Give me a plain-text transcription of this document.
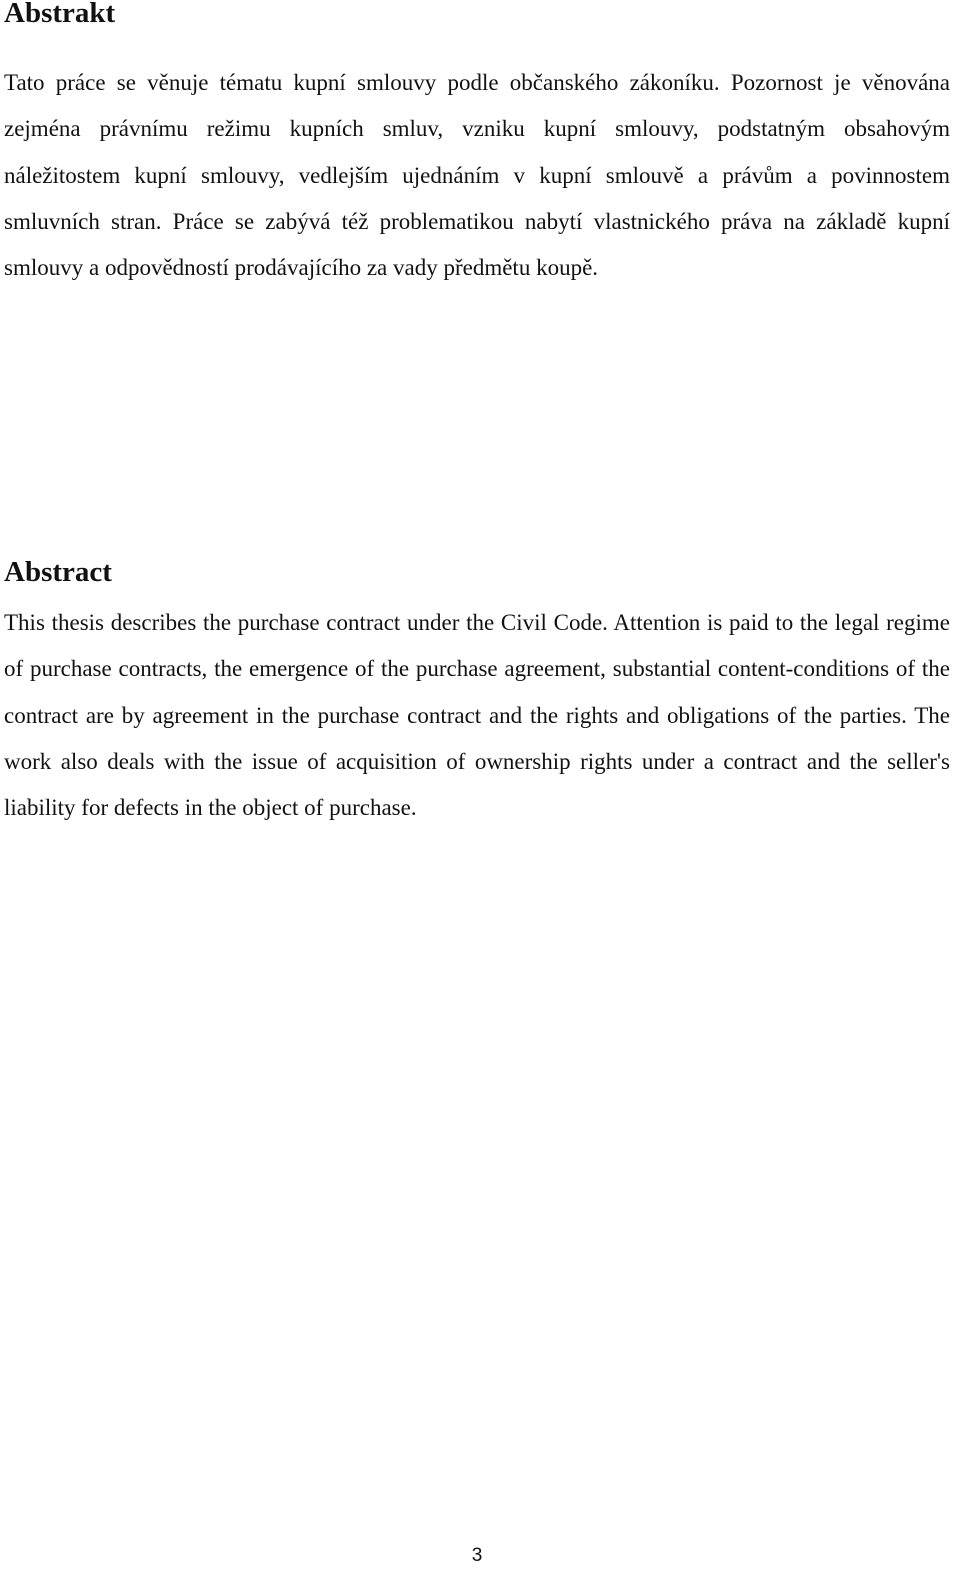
Abstrakt

Tato práce se věnuje tématu kupní smlouvy podle občanského zákoníku. Pozornost je věnována zejména právnímu režimu kupních smluv, vzniku kupní smlouvy, podstatným obsahovým náležitostem kupní smlouvy, vedlejším ujednáním v kupní smlouvě a právům a povinnostem smluvních stran. Práce se zabývá též problematikou nabytí vlastnického práva na základě kupní smlouvy a odpovědností prodávajícího za vady předmětu koupě.

Abstract

This thesis describes the purchase contract under the Civil Code. Attention is paid to the legal regime of purchase contracts, the emergence of the purchase agreement, substantial content-conditions of the contract are by agreement in the purchase contract and the rights and obligations of the parties. The work also deals with the issue of acquisition of ownership rights under a contract and the seller's liability for defects in the object of purchase.

3
